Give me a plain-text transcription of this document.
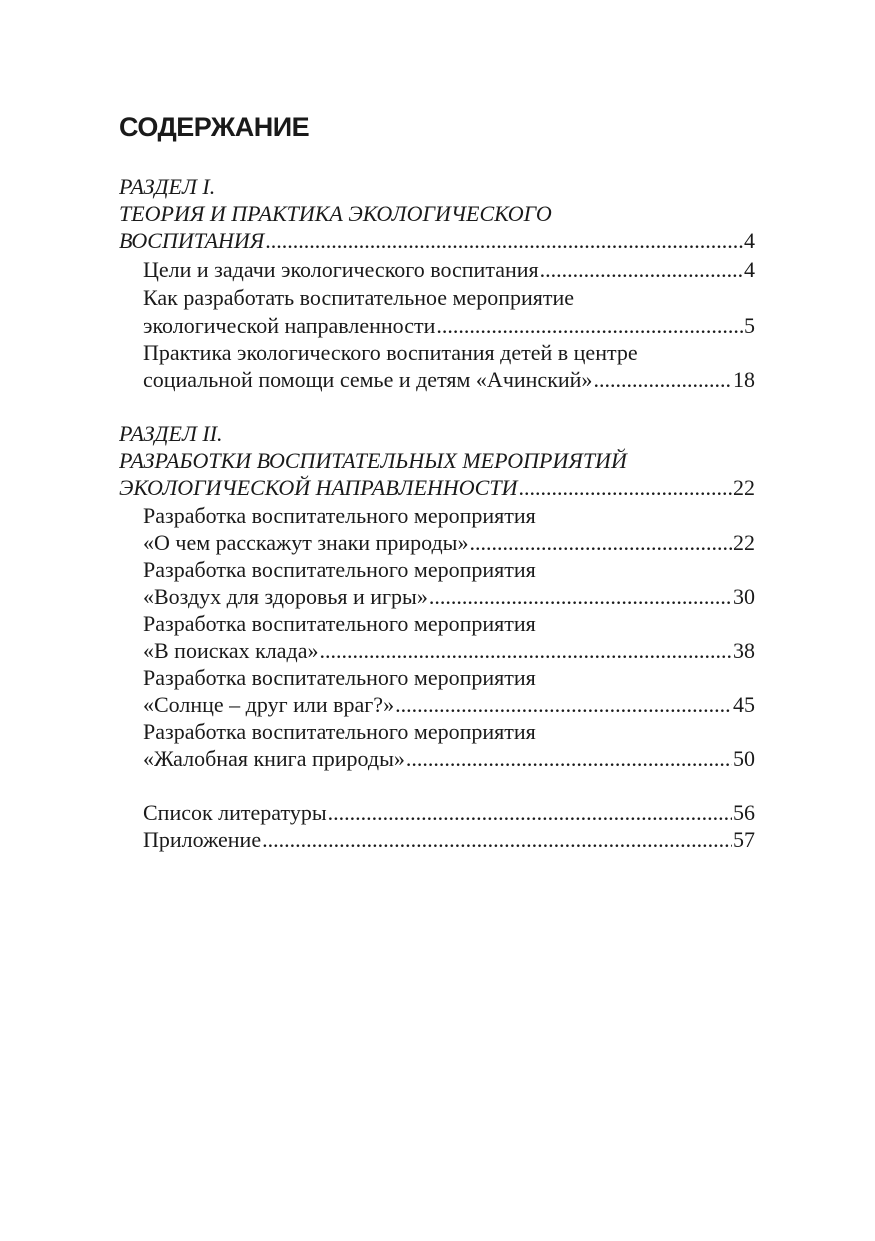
СОДЕРЖАНИЕ
РАЗДЕЛ I.
ТЕОРИЯ И ПРАКТИКА ЭКОЛОГИЧЕСКОГО
ВОСПИТАНИЯ .....	4
Цели и задачи экологического воспитания .....	4
Как разработать воспитательное мероприятие
экологической направленности .....	5
Практика экологического воспитания детей в центре
социальной помощи семье и детям «Ачинский» .....	18
РАЗДЕЛ II.
РАЗРАБОТКИ ВОСПИТАТЕЛЬНЫХ МЕРОПРИЯТИЙ
ЭКОЛОГИЧЕСКОЙ НАПРАВЛЕННОСТИ .....	22
Разработка воспитательного мероприятия
«О чем расскажут знаки природы» .....	22
Разработка воспитательного мероприятия
«Воздух для здоровья и игры» .....	30
Разработка воспитательного мероприятия
«В поисках клада» .....	38
Разработка воспитательного мероприятия
«Солнце – друг или враг?» .....	45
Разработка воспитательного мероприятия
«Жалобная книга природы» .....	50
Список литературы .....	56
Приложение .....	57
